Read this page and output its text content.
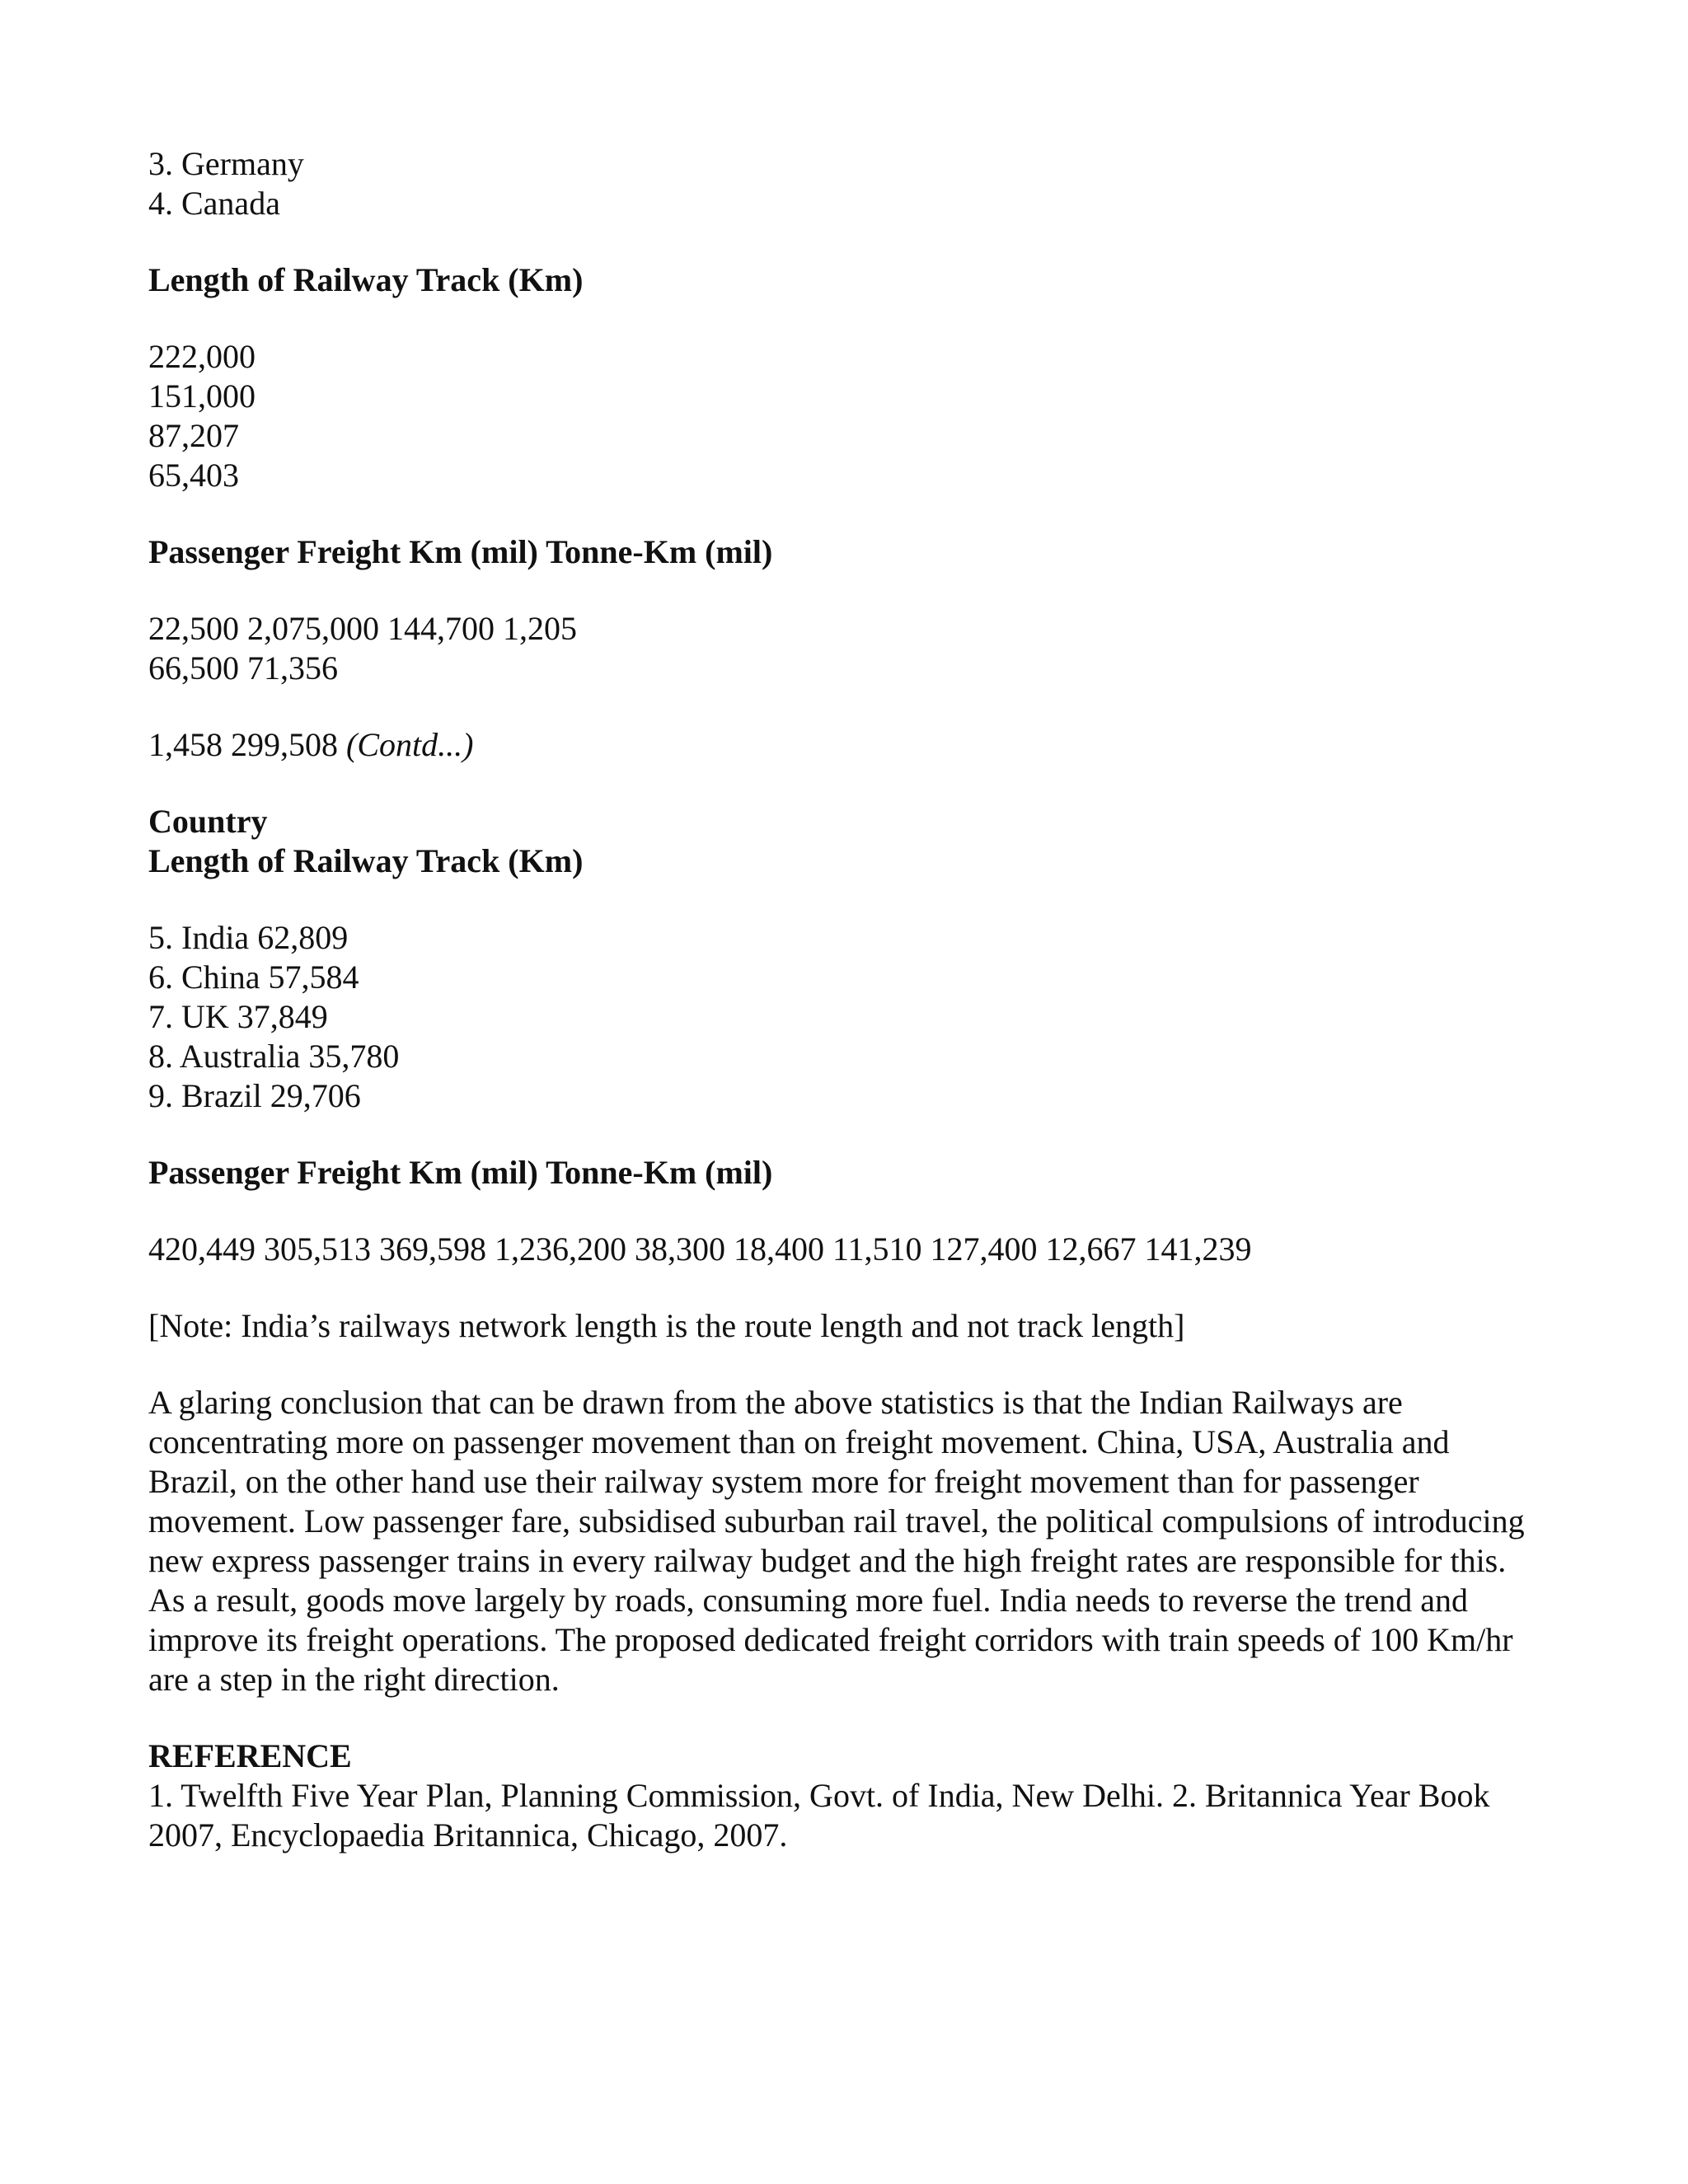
3. Germany
4. Canada
Length of Railway Track (Km)
222,000
151,000
87,207
65,403
Passenger Freight Km (mil) Tonne-Km (mil)
22,500 2,075,000 144,700 1,205
66,500 71,356
1,458 299,508 (Contd...)
Country
Length of Railway Track (Km)
5. India 62,809
6. China 57,584
7. UK 37,849
8. Australia 35,780
9. Brazil 29,706
Passenger Freight Km (mil) Tonne-Km (mil)
420,449 305,513 369,598 1,236,200 38,300 18,400 11,510 127,400 12,667 141,239
[Note: India’s railways network length is the route length and not track length]
A glaring conclusion that can be drawn from the above statistics is that the Indian Railways are
concentrating more on passenger movement than on freight movement. China, USA, Australia and
Brazil, on the other hand use their railway system more for freight movement than for passenger
movement. Low passenger fare, subsidised suburban rail travel, the political compulsions of introducing
new express passenger trains in every railway budget and the high freight rates are responsible for this.
As a result, goods move largely by roads, consuming more fuel. India needs to reverse the trend and
improve its freight operations. The proposed dedicated freight corridors with train speeds of 100 Km/hr
are a step in the right direction.
REFERENCE
1. Twelfth Five Year Plan, Planning Commission, Govt. of India, New Delhi. 2. Britannica Year Book
2007, Encyclopaedia Britannica, Chicago, 2007.
